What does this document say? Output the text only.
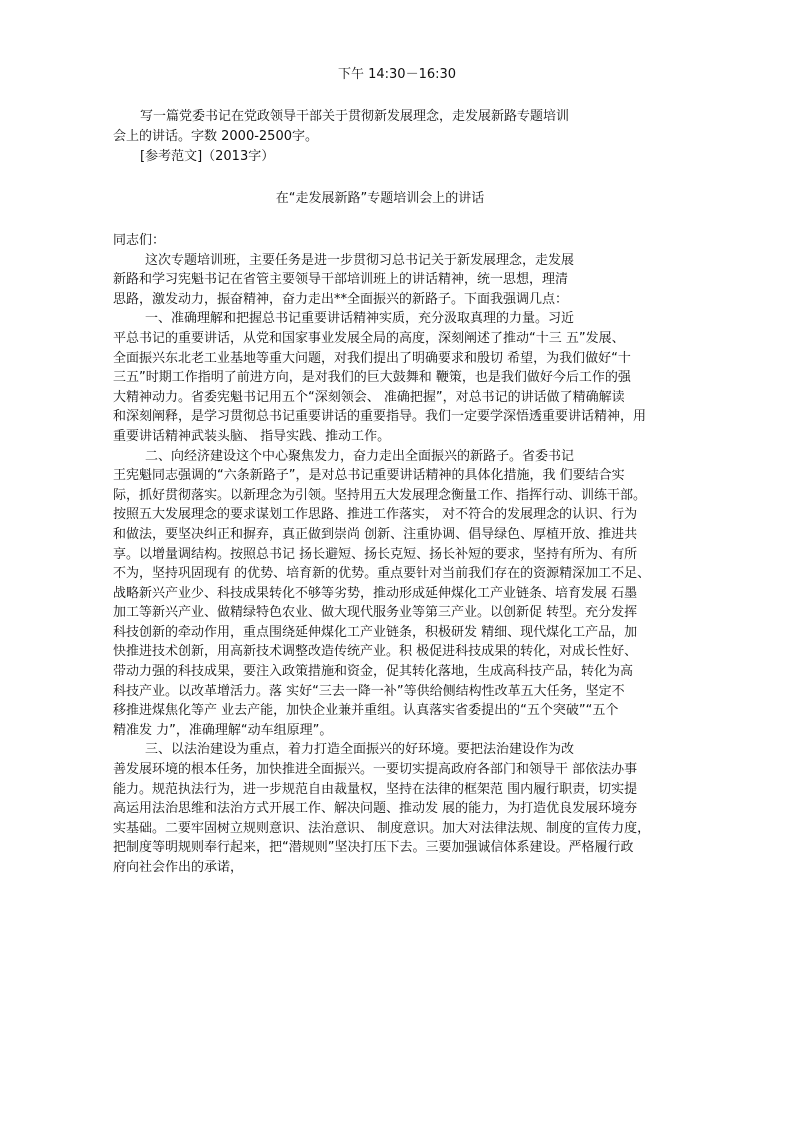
下午 14:30－16:30

写一篇党委书记在党政领导干部关于贯彻新发展理念，走发展新路专题培训

会上的讲话。字数 2000-2500字。

[参考范文]（2013字）

在“走发展新路”专题培训会上的讲话
同志们：
这次专题培训班，主要任务是进一步贯彻习总书记关于新发展理念，走发展
新路和学习宪魁书记在省管主要领导干部培训班上的讲话精神，统一思想，理清
思路，激发动力，振奋精神，奋力走出**全面振兴的新路子。下面我强调几点：
一、准确理解和把握总书记重要讲话精神实质，充分汲取真理的力量。习近
平总书记的重要讲话，从党和国家事业发展全局的高度，深刻阐述了推动“十三 五”发展、
全面振兴东北老工业基地等重大问题，对我们提出了明确要求和殷切 希望，为我们做好“十
三五”时期工作指明了前进方向，是对我们的巨大鼓舞和 鞭策，也是我们做好今后工作的强
大精神动力。省委宪魁书记用五个“深刻领会、 准确把握”，对总书记的讲话做了精确解读
和深刻阐释，是学习贯彻总书记重要讲话的重要指导。我们一定要学深悟透重要讲话精神，用
重要讲话精神武装头脑、 指导实践、推动工作。
二、向经济建设这个中心聚焦发力，奋力走出全面振兴的新路子。省委书记
王宪魁同志强调的“六条新路子”，是对总书记重要讲话精神的具体化措施，我 们要结合实
际，抓好贯彻落实。以新理念为引领。坚持用五大发展理念衡量工作、指挥行动、训练干部。
按照五大发展理念的要求谋划工作思路、推进工作落实， 对不符合的发展理念的认识、行为
和做法，要坚决纠正和摒弃，真正做到崇尚 创新、注重协调、倡导绿色、厚植开放、推进共
享。以增量调结构。按照总书记 扬长避短、扬长克短、扬长补短的要求，坚持有所为、有所
不为，坚持巩固现有 的优势、培育新的优势。重点要针对当前我们存在的资源精深加工不足、
战略新兴产业少、科技成果转化不够等劣势，推动形成延伸煤化工产业链条、培育发展 石墨
加工等新兴产业、做精绿特色农业、做大现代服务业等第三产业。以创新促 转型。充分发挥
科技创新的牵动作用，重点围绕延伸煤化工产业链条，积极研发 精细、现代煤化工产品，加
快推进技术创新，用高新技术调整改造传统产业。积 极促进科技成果的转化，对成长性好、
带动力强的科技成果，要注入政策措施和资金，促其转化落地，生成高科技产品，转化为高
科技产业。以改革增活力。落 实好“三去一降一补”等供给侧结构性改革五大任务，坚定不
移推进煤焦化等产 业去产能，加快企业兼并重组。认真落实省委提出的“五个突破”“五个
精准发 力”，准确理解“动车组原理”。
三、以法治建设为重点，着力打造全面振兴的好环境。要把法治建设作为改
善发展环境的根本任务，加快推进全面振兴。一要切实提高政府各部门和领导干 部依法办事
能力。规范执法行为，进一步规范自由裁量权，坚持在法律的框架范 围内履行职责，切实提
高运用法治思维和法治方式开展工作、解决问题、推动发 展的能力，为打造优良发展环境夯
实基础。二要牢固树立规则意识、法治意识、 制度意识。加大对法律法规、制度的宣传力度，
把制度等明规则奉行起来，把“潜规则”坚决打压下去。三要加强诚信体系建设。严格履行政
府向社会作出的承诺，
